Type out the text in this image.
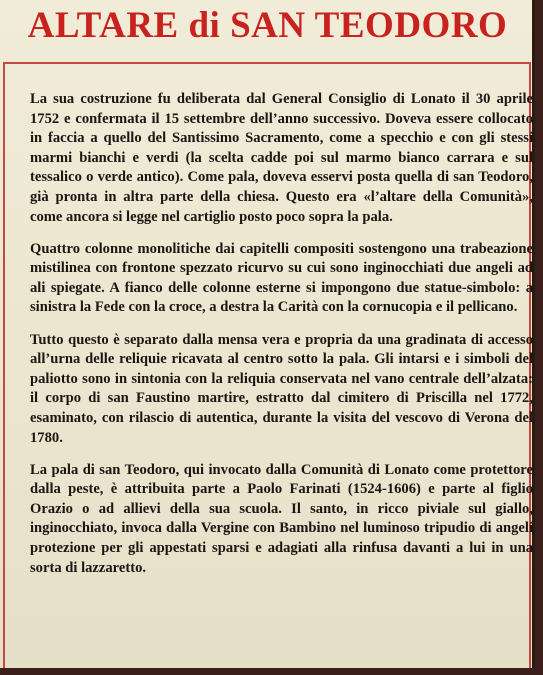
ALTARE di SAN TEODORO

La sua costruzione fu deliberata dal General Consiglio di Lonato il 30 aprile 1752 e confermata il 15 settembre dell’anno successivo. Doveva essere collocato in faccia a quello del Santissimo Sacramento, come a specchio e con gli stessi marmi bianchi e verdi (la scelta cadde poi sul marmo bianco carrara e sul tessalico o verde antico). Come pala, doveva esservi posta quella di san Teodoro, già pronta in altra parte della chiesa. Questo era «l’altare della Comunità», come ancora si legge nel cartiglio posto poco sopra la pala.

Quattro colonne monolitiche dai capitelli compositi sostengono una trabeazione mistilinea con frontone spezzato ricurvo su cui sono inginocchiati due angeli ad ali spiegate. A fianco delle colonne esterne si impongono due statue-simbolo: a sinistra la Fede con la croce, a destra la Carità con la cornucopia e il pellicano.

Tutto questo è separato dalla mensa vera e propria da una gradinata di accesso all’urna delle reliquie ricavata al centro sotto la pala. Gli intarsi e i simboli del paliotto sono in sintonia con la reliquia conservata nel vano centrale dell’alzata: il corpo di san Faustino martire, estratto dal cimitero di Priscilla nel 1772, esaminato, con rilascio di autentica, durante la visita del vescovo di Verona del 1780.

La pala di san Teodoro, qui invocato dalla Comunità di Lonato come protettore dalla peste, è attribuita parte a Paolo Farinati (1524-1606) e parte al figlio Orazio o ad allievi della sua scuola. Il santo, in ricco piviale sul giallo, inginocchiato, invoca dalla Vergine con Bambino nel luminoso tripudio di angeli protezione per gli appestati sparsi e adagiati alla rinfusa davanti a lui in una sorta di lazzaretto.
